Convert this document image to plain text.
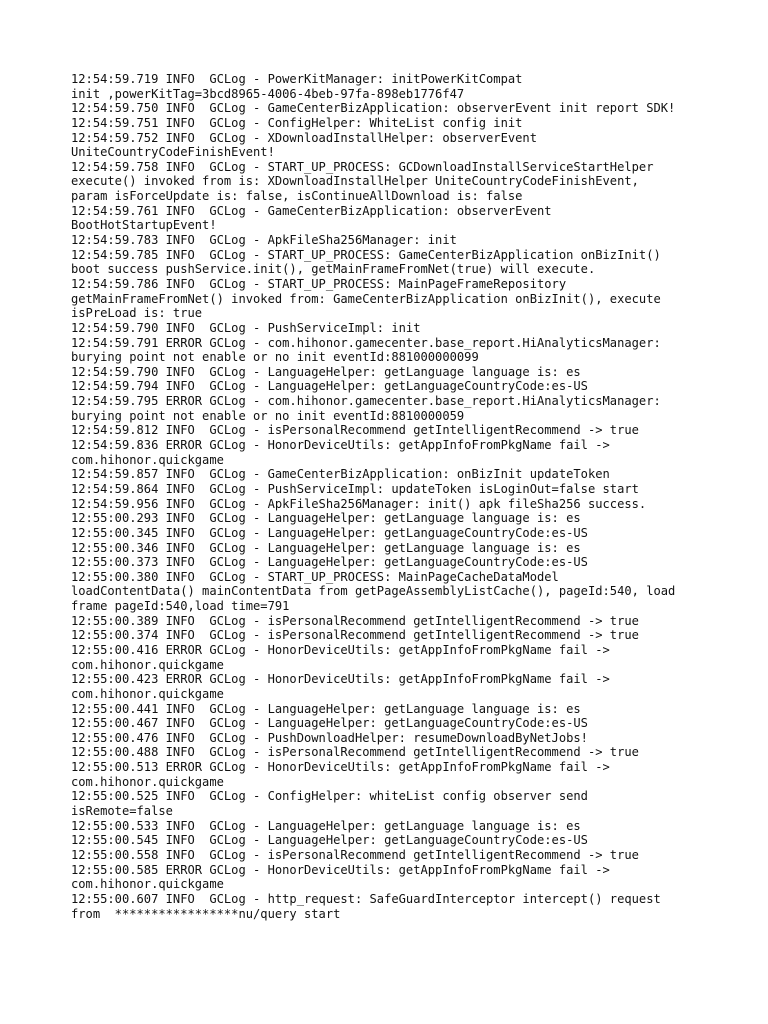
12:54:59.719 INFO  GCLog - PowerKitManager: initPowerKitCompat
init ,powerKitTag=3bcd8965-4006-4beb-97fa-898eb1776f47
12:54:59.750 INFO  GCLog - GameCenterBizApplication: observerEvent init report SDK!
12:54:59.751 INFO  GCLog - ConfigHelper: WhiteList config init
12:54:59.752 INFO  GCLog - XDownloadInstallHelper: observerEvent
UniteCountryCodeFinishEvent!
12:54:59.758 INFO  GCLog - START_UP_PROCESS: GCDownloadInstallServiceStartHelper
execute() invoked from is: XDownloadInstallHelper UniteCountryCodeFinishEvent,
param isForceUpdate is: false, isContinueAllDownload is: false
12:54:59.761 INFO  GCLog - GameCenterBizApplication: observerEvent
BootHotStartupEvent!
12:54:59.783 INFO  GCLog - ApkFileSha256Manager: init
12:54:59.785 INFO  GCLog - START_UP_PROCESS: GameCenterBizApplication onBizInit()
boot success pushService.init(), getMainFrameFromNet(true) will execute.
12:54:59.786 INFO  GCLog - START_UP_PROCESS: MainPageFrameRepository
getMainFrameFromNet() invoked from: GameCenterBizApplication onBizInit(), execute
isPreLoad is: true
12:54:59.790 INFO  GCLog - PushServiceImpl: init
12:54:59.791 ERROR GCLog - com.hihonor.gamecenter.base_report.HiAnalyticsManager:
burying point not enable or no init eventId:881000000099
12:54:59.790 INFO  GCLog - LanguageHelper: getLanguage language is: es
12:54:59.794 INFO  GCLog - LanguageHelper: getLanguageCountryCode:es-US
12:54:59.795 ERROR GCLog - com.hihonor.gamecenter.base_report.HiAnalyticsManager:
burying point not enable or no init eventId:8810000059
12:54:59.812 INFO  GCLog - isPersonalRecommend getIntelligentRecommend -> true
12:54:59.836 ERROR GCLog - HonorDeviceUtils: getAppInfoFromPkgName fail ->
com.hihonor.quickgame
12:54:59.857 INFO  GCLog - GameCenterBizApplication: onBizInit updateToken
12:54:59.864 INFO  GCLog - PushServiceImpl: updateToken isLoginOut=false start
12:54:59.956 INFO  GCLog - ApkFileSha256Manager: init() apk fileSha256 success.
12:55:00.293 INFO  GCLog - LanguageHelper: getLanguage language is: es
12:55:00.345 INFO  GCLog - LanguageHelper: getLanguageCountryCode:es-US
12:55:00.346 INFO  GCLog - LanguageHelper: getLanguage language is: es
12:55:00.373 INFO  GCLog - LanguageHelper: getLanguageCountryCode:es-US
12:55:00.380 INFO  GCLog - START_UP_PROCESS: MainPageCacheDataModel
loadContentData() mainContentData from getPageAssemblyListCache(), pageId:540, load
frame pageId:540,load time=791
12:55:00.389 INFO  GCLog - isPersonalRecommend getIntelligentRecommend -> true
12:55:00.374 INFO  GCLog - isPersonalRecommend getIntelligentRecommend -> true
12:55:00.416 ERROR GCLog - HonorDeviceUtils: getAppInfoFromPkgName fail ->
com.hihonor.quickgame
12:55:00.423 ERROR GCLog - HonorDeviceUtils: getAppInfoFromPkgName fail ->
com.hihonor.quickgame
12:55:00.441 INFO  GCLog - LanguageHelper: getLanguage language is: es
12:55:00.467 INFO  GCLog - LanguageHelper: getLanguageCountryCode:es-US
12:55:00.476 INFO  GCLog - PushDownloadHelper: resumeDownloadByNetJobs!
12:55:00.488 INFO  GCLog - isPersonalRecommend getIntelligentRecommend -> true
12:55:00.513 ERROR GCLog - HonorDeviceUtils: getAppInfoFromPkgName fail ->
com.hihonor.quickgame
12:55:00.525 INFO  GCLog - ConfigHelper: whiteList config observer send
isRemote=false
12:55:00.533 INFO  GCLog - LanguageHelper: getLanguage language is: es
12:55:00.545 INFO  GCLog - LanguageHelper: getLanguageCountryCode:es-US
12:55:00.558 INFO  GCLog - isPersonalRecommend getIntelligentRecommend -> true
12:55:00.585 ERROR GCLog - HonorDeviceUtils: getAppInfoFromPkgName fail ->
com.hihonor.quickgame
12:55:00.607 INFO  GCLog - http_request: SafeGuardInterceptor intercept() request
from  *****************nu/query start
